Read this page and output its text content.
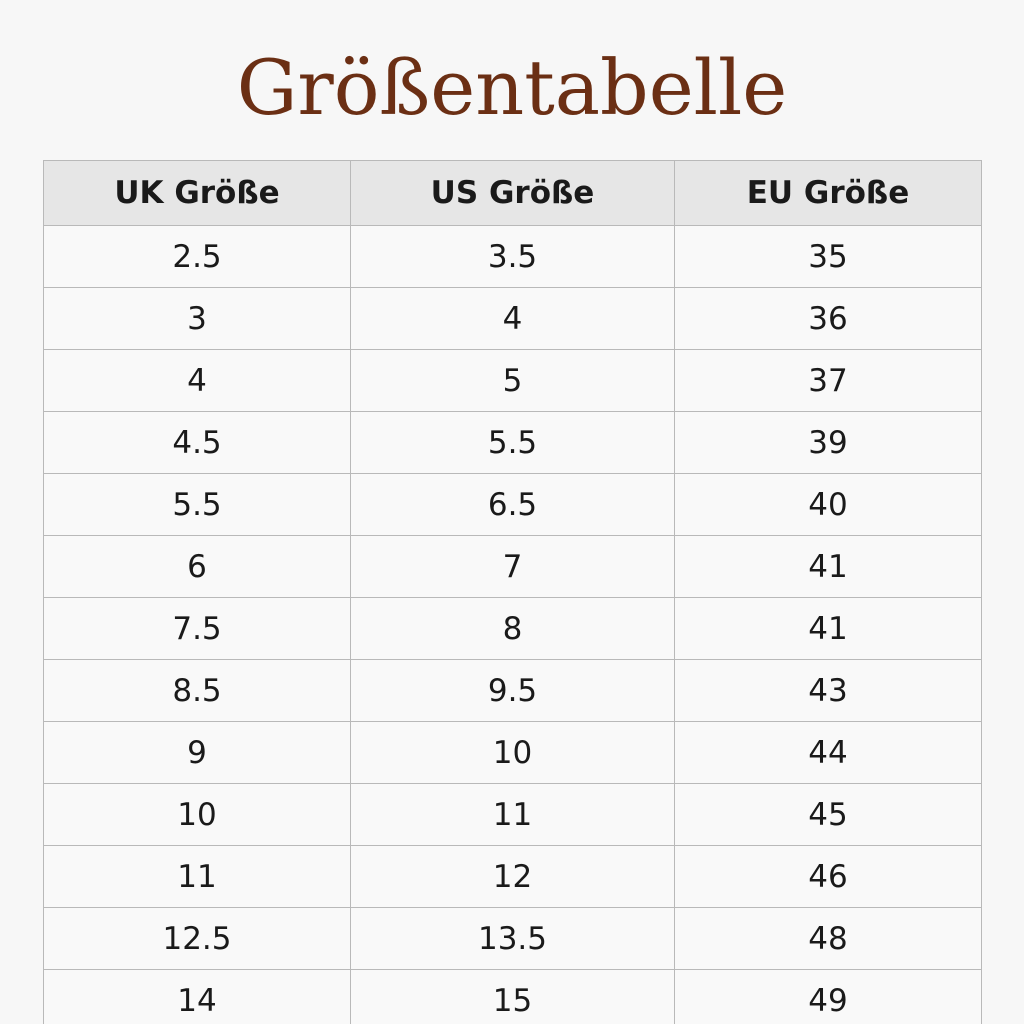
Größentabelle
UK Größe	US Größe	EU Größe
2.5	3.5	35
3	4	36
4	5	37
4.5	5.5	39
5.5	6.5	40
6	7	41
7.5	8	41
8.5	9.5	43
9	10	44
10	11	45
11	12	46
12.5	13.5	48
14	15	49
